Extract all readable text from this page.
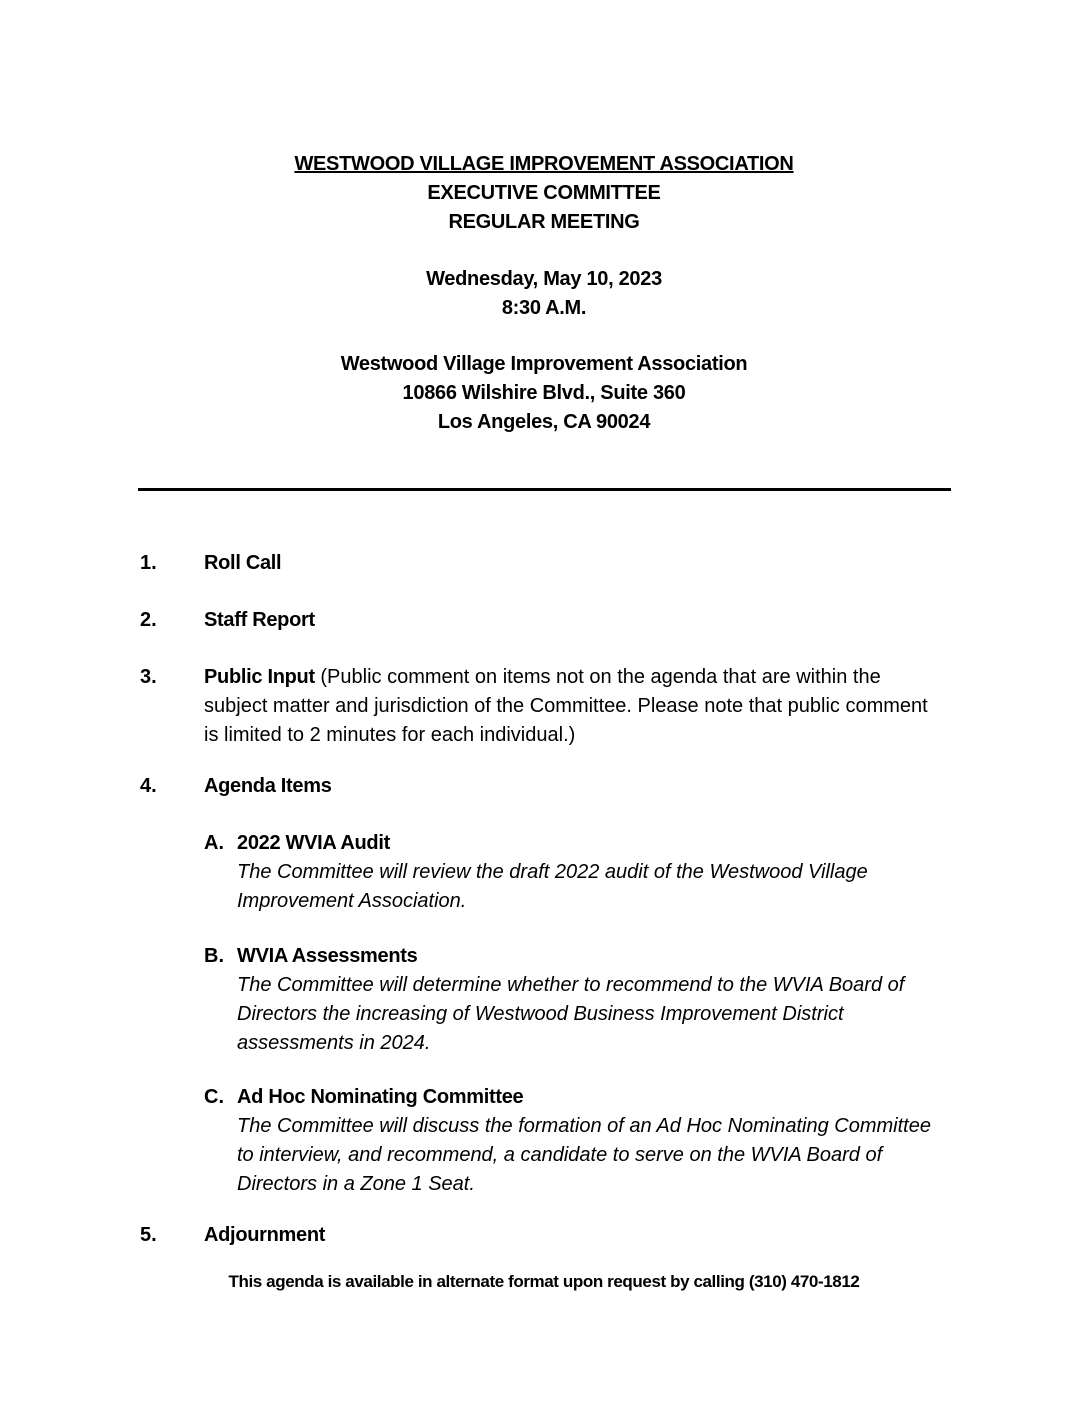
WESTWOOD VILLAGE IMPROVEMENT ASSOCIATION
EXECUTIVE COMMITTEE
REGULAR MEETING
Wednesday, May 10, 2023
8:30 A.M.
Westwood Village Improvement Association
10866 Wilshire Blvd., Suite 360
Los Angeles, CA 90024
1.	Roll Call
2.	Staff Report
3.	Public Input (Public comment on items not on the agenda that are within the subject matter and jurisdiction of the Committee. Please note that public comment is limited to 2 minutes for each individual.)
4.	Agenda Items
A. 2022 WVIA Audit
The Committee will review the draft 2022 audit of the Westwood Village Improvement Association.
B. WVIA Assessments
The Committee will determine whether to recommend to the WVIA Board of Directors the increasing of Westwood Business Improvement District assessments in 2024.
C. Ad Hoc Nominating Committee
The Committee will discuss the formation of an Ad Hoc Nominating Committee to interview, and recommend, a candidate to serve on the WVIA Board of Directors in a Zone 1 Seat.
5.	Adjournment
This agenda is available in alternate format upon request by calling (310) 470-1812
